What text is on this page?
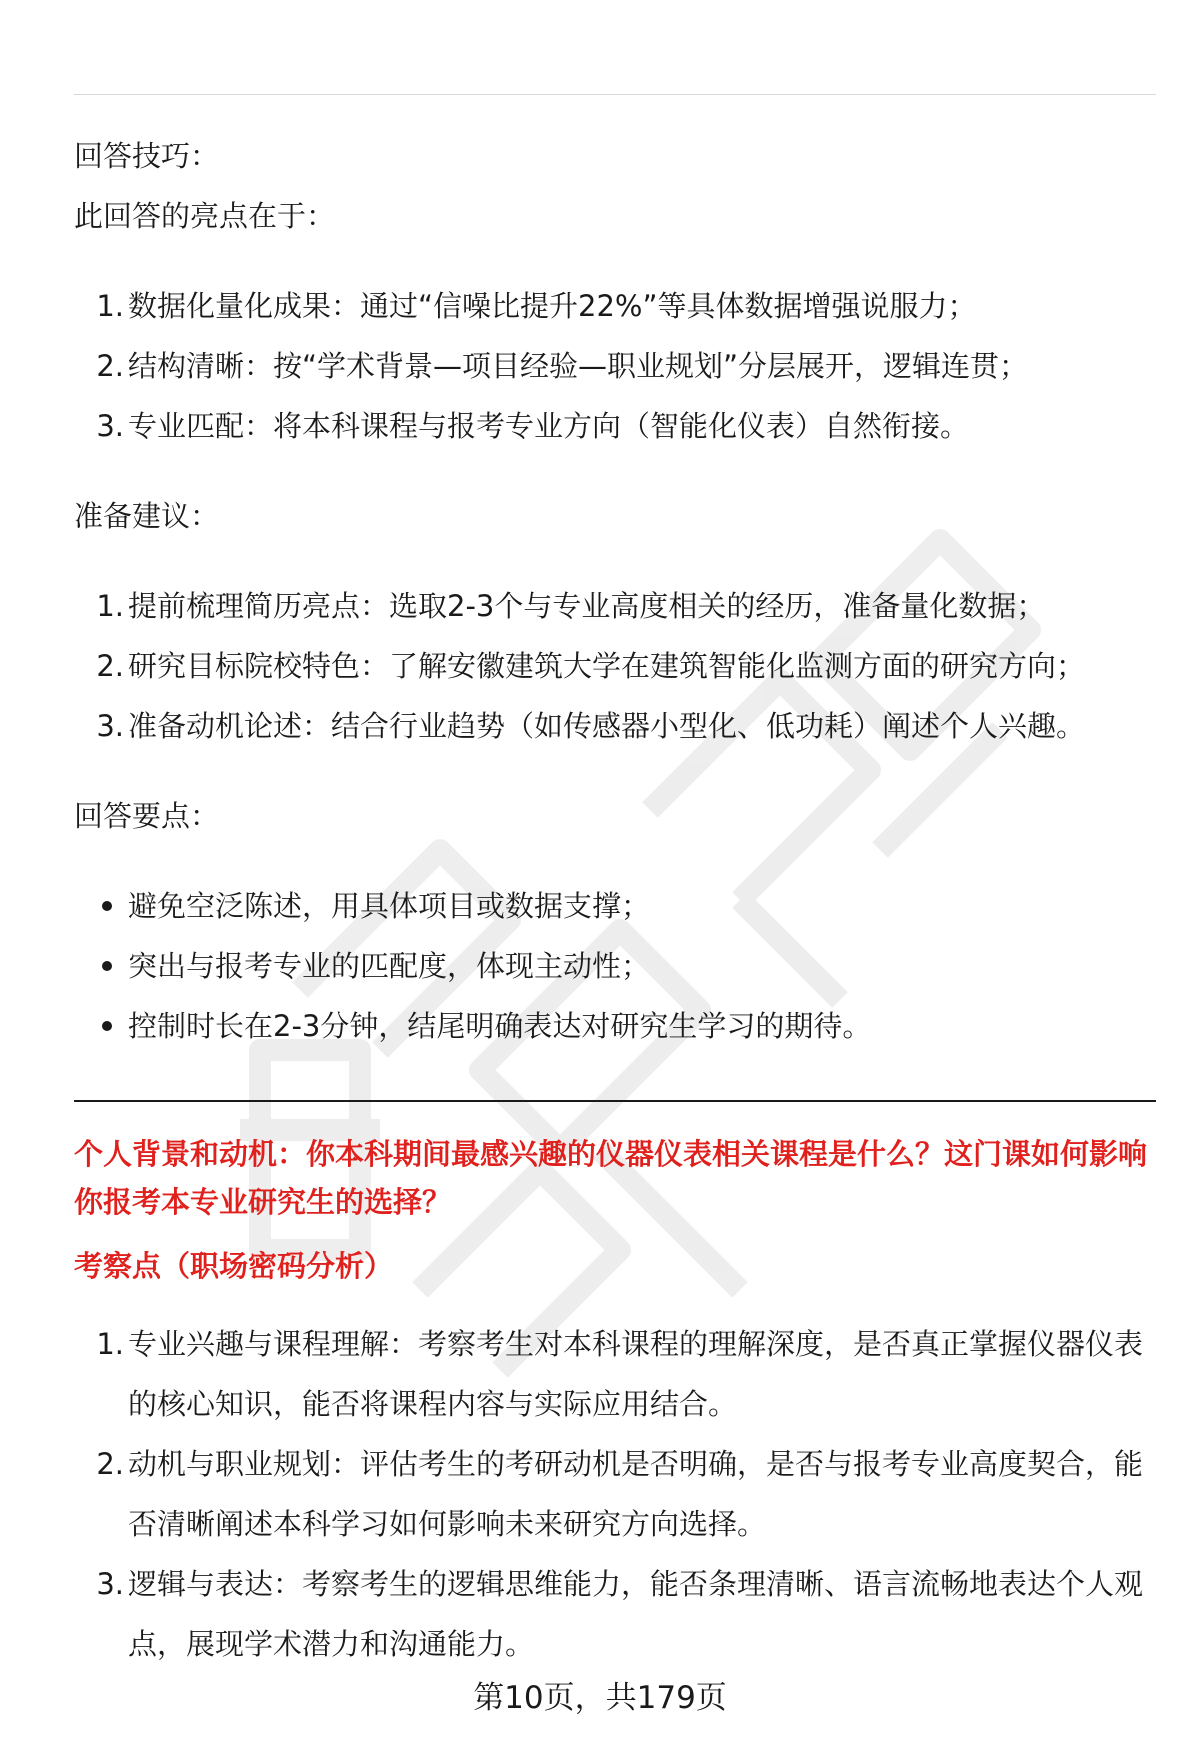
回答技巧：

此回答的亮点在于：

1. 数据化量化成果：通过“信噪比提升22%”等具体数据增强说服力；
2. 结构清晰：按“学术背景—项目经验—职业规划”分层展开，逻辑连贯；
3. 专业匹配：将本科课程与报考专业方向（智能化仪表）自然衔接。

准备建议：

1. 提前梳理简历亮点：选取2-3个与专业高度相关的经历，准备量化数据；
2. 研究目标院校特色：了解安徽建筑大学在建筑智能化监测方面的研究方向；
3. 准备动机论述：结合行业趋势（如传感器小型化、低功耗）阐述个人兴趣。

回答要点：

避免空泛陈述，用具体项目或数据支撑；
突出与报考专业的匹配度，体现主动性；
控制时长在2-3分钟，结尾明确表达对研究生学习的期待。

个人背景和动机：你本科期间最感兴趣的仪器仪表相关课程是什么？这门课如何影响你报考本专业研究生的选择？

考察点（职场密码分析）

1. 专业兴趣与课程理解：考察考生对本科课程的理解深度，是否真正掌握仪器仪表的核心知识，能否将课程内容与实际应用结合。
2. 动机与职业规划：评估考生的考研动机是否明确，是否与报考专业高度契合，能否清晰阐述本科学习如何影响未来研究方向选择。
3. 逻辑与表达：考察考生的逻辑思维能力，能否条理清晰、语言流畅地表达个人观点，展现学术潜力和沟通能力。
第10页，共179页
